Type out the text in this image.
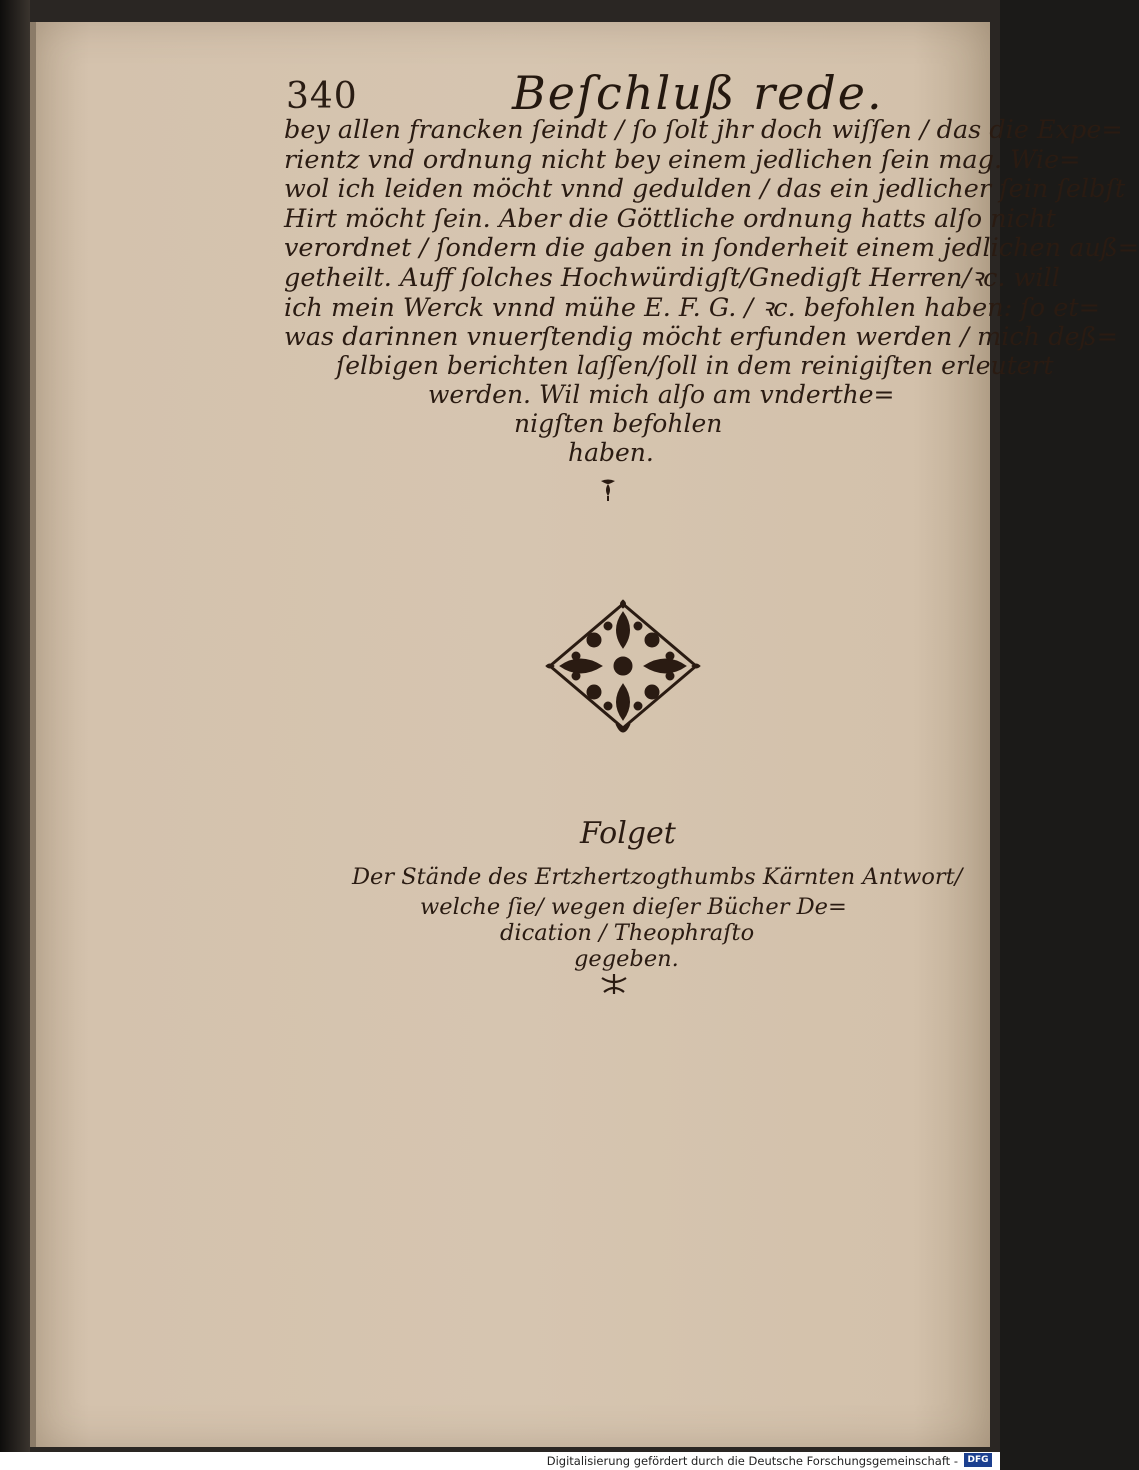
340	Beſchluß rede.
bey allen francken ſeindt / ſo ſolt jhr doch wiſſen / das die Expe=
rientz vnd ordnung nicht bey einem jedlichen ſein mag. Wie=
wol ich leiden möcht vnnd gedulden / das ein jedlicher ſein ſelbſt
Hirt möcht ſein. Aber die Göttliche ordnung hatts alſo nicht
verordnet / ſondern die gaben in ſonderheit einem jedlichen auß=
getheilt. Auff ſolches Hochwürdigſt/Gnedigſt Herren/ꝛc. will
ich mein Werck vnnd mühe E. F. G. / ꝛc. befohlen haben: ſo et=
was darinnen vnuerſtendig möcht erfunden werden / mich deß=
ſelbigen berichten laſſen/ſoll in dem reinigiſten erleutert
werden. Wil mich alſo am vnderthe=
nigſten befohlen
haben.
Folget
Der Stände des Ertzhertzogthumbs Kärnten Antwort/
welche ſie/ wegen dieſer Bücher De=
dication / Theophraſto
gegeben.
Digitalisierung gefördert durch die Deutsche Forschungsgemeinschaft -	DFG
